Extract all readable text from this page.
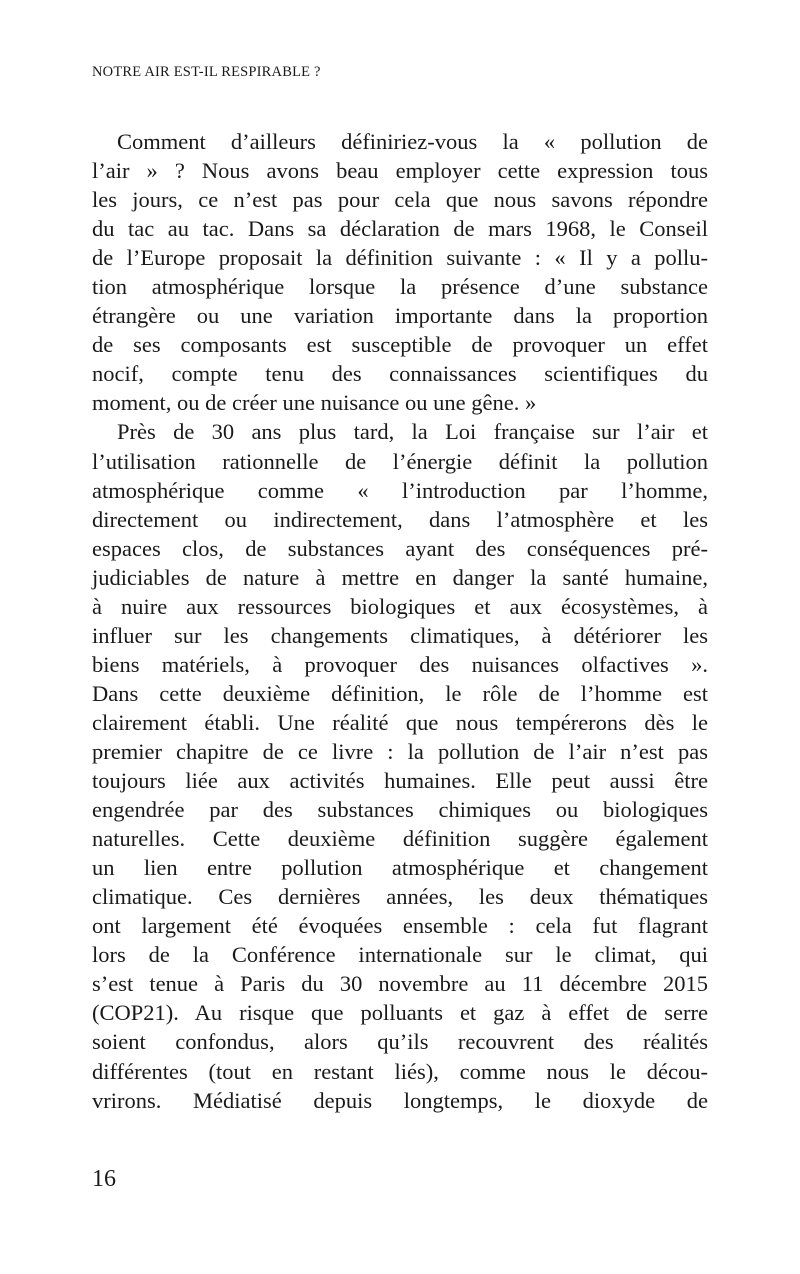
NOTRE AIR EST-IL RESPIRABLE ?
Comment d’ailleurs définiriez-vous la « pollution de
l’air » ? Nous avons beau employer cette expression tous
les jours, ce n’est pas pour cela que nous savons répondre
du tac au tac. Dans sa déclaration de mars 1968, le Conseil
de l’Europe proposait la définition suivante : « Il y a pollu-
tion atmosphérique lorsque la présence d’une substance
étrangère ou une variation importante dans la proportion
de ses composants est susceptible de provoquer un effet
nocif, compte tenu des connaissances scientifiques du
moment, ou de créer une nuisance ou une gêne. »
Près de 30 ans plus tard, la Loi française sur l’air et
l’utilisation rationnelle de l’énergie définit la pollution
atmosphérique comme « l’introduction par l’homme,
directement ou indirectement, dans l’atmosphère et les
espaces clos, de substances ayant des conséquences pré-
judiciables de nature à mettre en danger la santé humaine,
à nuire aux ressources biologiques et aux écosystèmes, à
influer sur les changements climatiques, à détériorer les
biens matériels, à provoquer des nuisances olfactives ».
Dans cette deuxième définition, le rôle de l’homme est
clairement établi. Une réalité que nous tempérerons dès le
premier chapitre de ce livre : la pollution de l’air n’est pas
toujours liée aux activités humaines. Elle peut aussi être
engendrée par des substances chimiques ou biologiques
naturelles. Cette deuxième définition suggère également
un lien entre pollution atmosphérique et changement
climatique. Ces dernières années, les deux thématiques
ont largement été évoquées ensemble : cela fut flagrant
lors de la Conférence internationale sur le climat, qui
s’est tenue à Paris du 30 novembre au 11 décembre 2015
(COP21). Au risque que polluants et gaz à effet de serre
soient confondus, alors qu’ils recouvrent des réalités
différentes (tout en restant liés), comme nous le décou-
vrirons. Médiatisé depuis longtemps, le dioxyde de
16
